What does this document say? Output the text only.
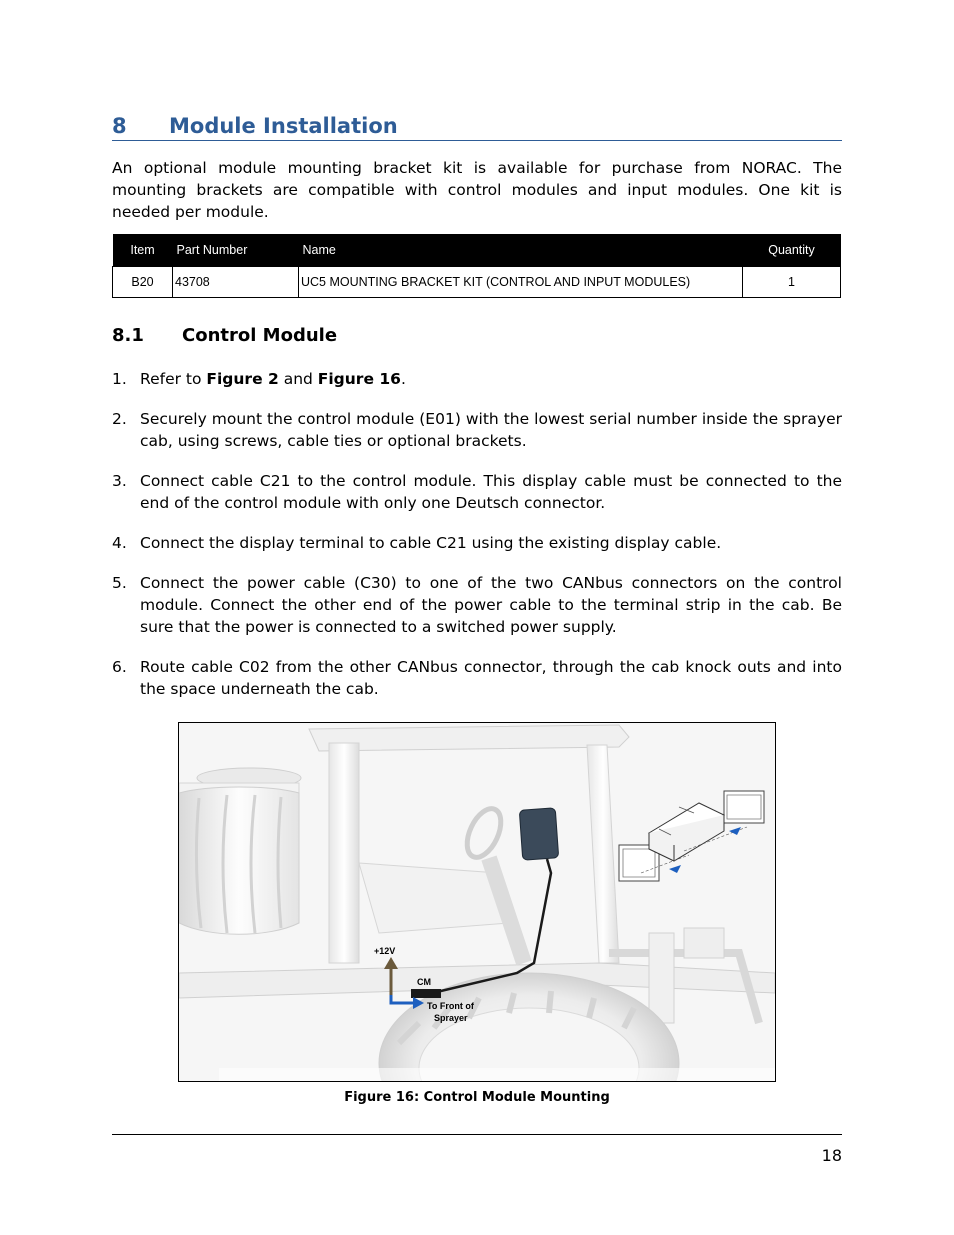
8 Module Installation
An optional module mounting bracket kit is available for purchase from NORAC. The mounting brackets are compatible with control modules and input modules. One kit is needed per module.
Item	Part Number	Name	Quantity
B20	43708	UC5 MOUNTING BRACKET KIT (CONTROL AND INPUT MODULES)	1
8.1 Control Module
1. Refer to Figure 2 and Figure 16.
2. Securely mount the control module (E01) with the lowest serial number inside the sprayer cab, using screws, cable ties or optional brackets.
3. Connect cable C21 to the control module. This display cable must be connected to the end of the control module with only one Deutsch connector.
4. Connect the display terminal to cable C21 using the existing display cable.
5. Connect the power cable (C30) to one of the two CANbus connectors on the control module. Connect the other end of the power cable to the terminal strip in the cab. Be sure that the power is connected to a switched power supply.
6. Route cable C02 from the other CANbus connector, through the cab knock outs and into the space underneath the cab.
+12V
CM
To Front of
Sprayer
Figure 16: Control Module Mounting
18
